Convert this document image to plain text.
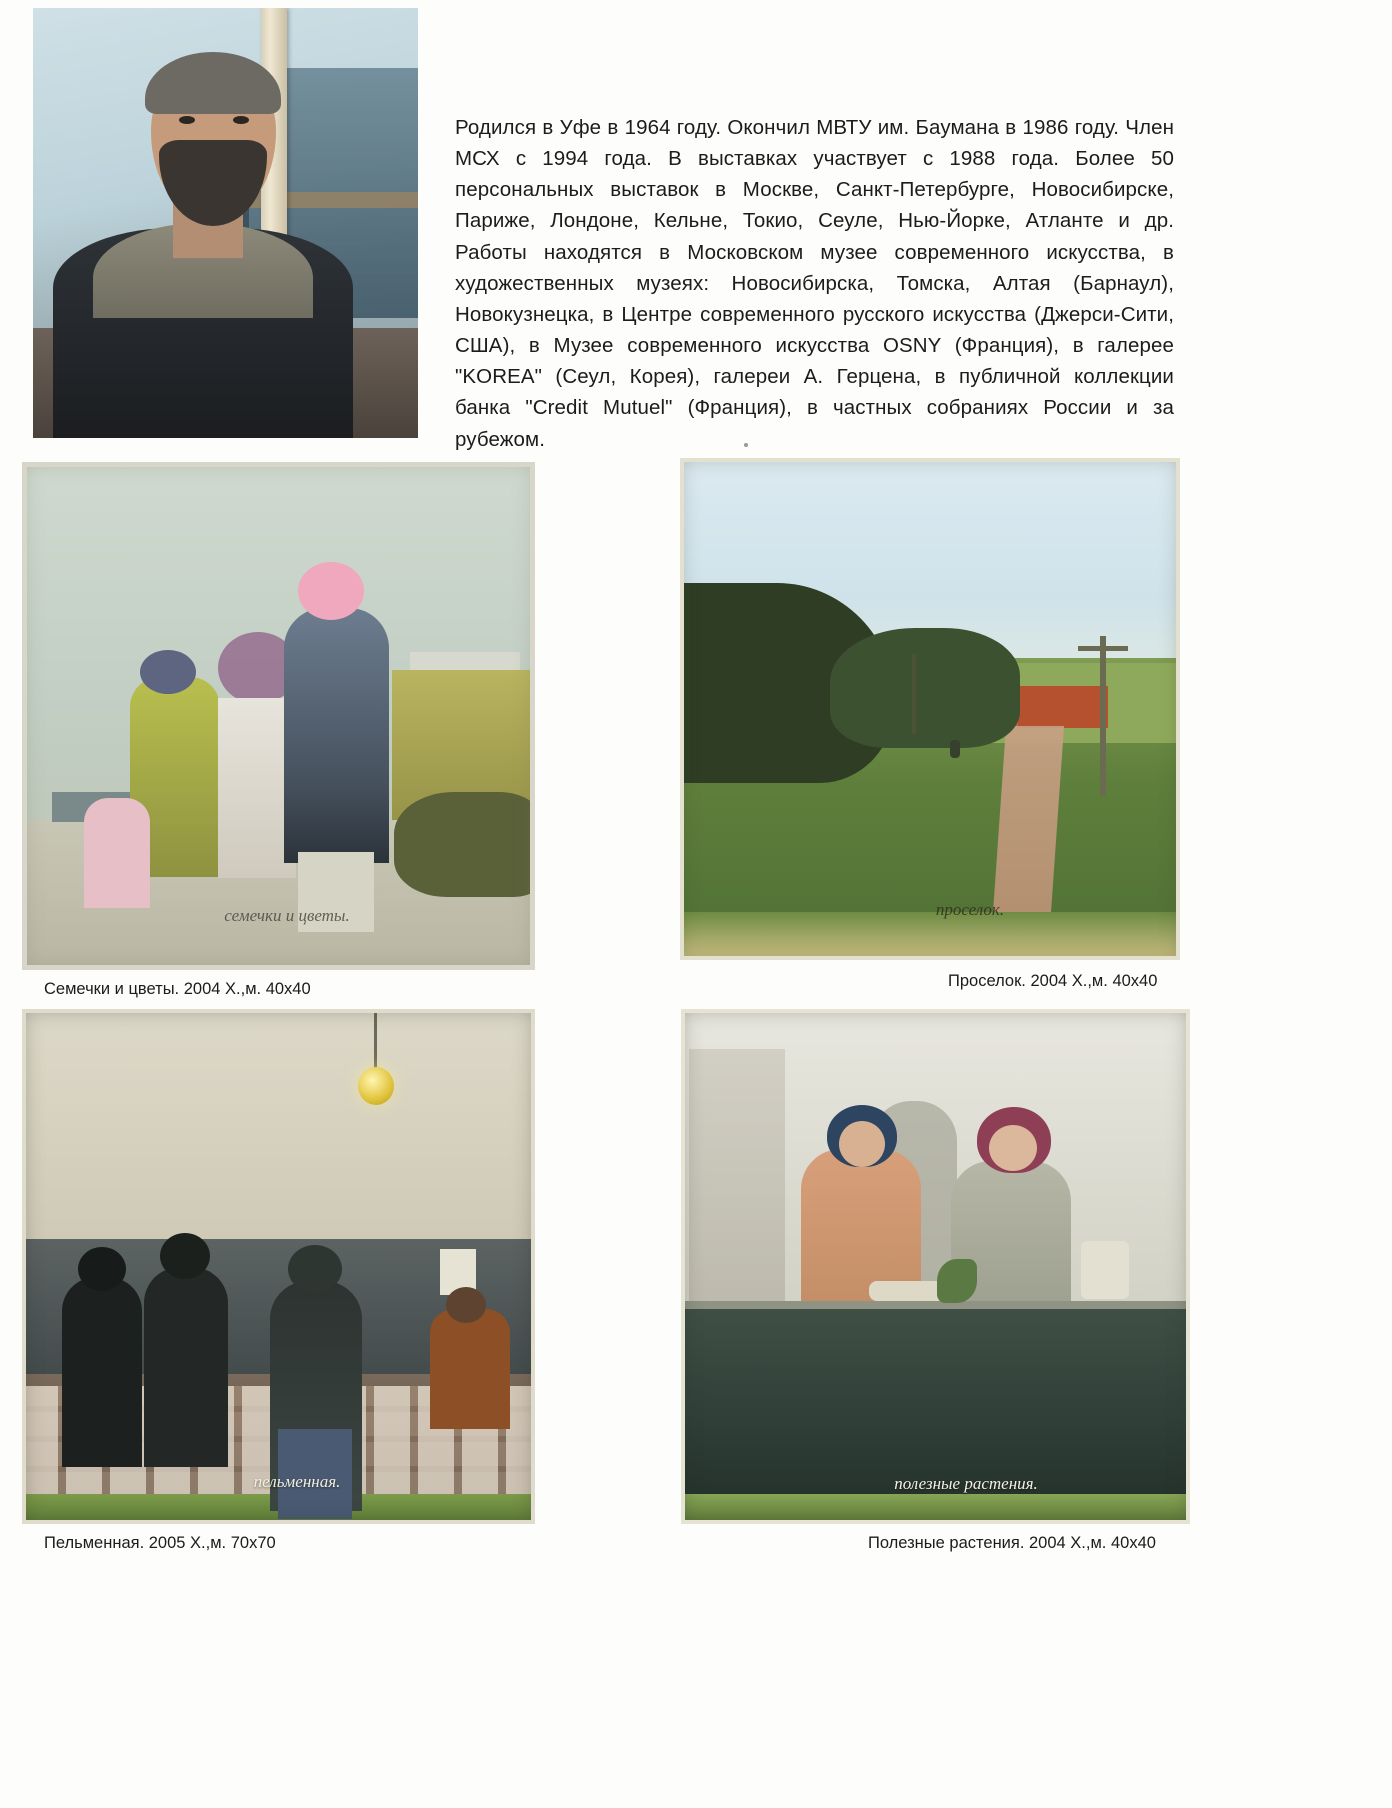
Родился в Уфе в 1964 году. Окончил МВТУ им. Баумана в 1986 году. Член МСХ с 1994 года. В выставках участвует с 1988 года. Более 50 персональных выставок в Москве, Санкт-Петербурге, Новосибирске, Париже, Лондоне, Кельне, Токио, Сеуле, Нью-Йорке, Атланте и др. Работы находятся в Московском музее современного искусства, в художественных музеях: Новосибирска, Томска, Алтая (Барнаул), Новокузнецка, в Центре современного русского искусства (Джерси-Сити, США), в Музее современного искусства OSNY (Франция), в галерее "KOREA" (Сеул, Корея), галереи А. Герцена, в публичной коллекции банка "Credit Mutuel" (Франция), в частных собраниях России и за рубежом.
семечки и цветы.
Семечки и цветы. 2004 Х.,м. 40x40
проселок.
Проселок. 2004 Х.,м. 40x40
пельменная.
Пельменная. 2005 Х.,м. 70x70
полезные растения.
Полезные растения. 2004 Х.,м. 40x40
